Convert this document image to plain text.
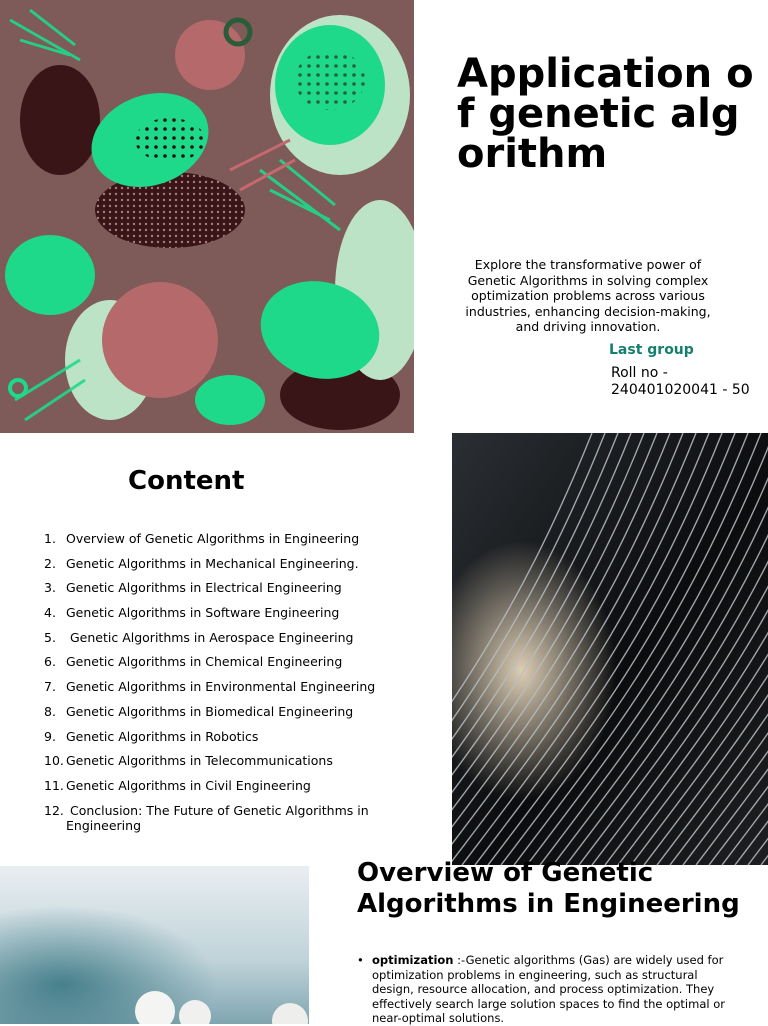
Application of genetic algorithm

Explore the transformative power of Genetic Algorithms in solving complex optimization problems across various industries, enhancing decision-making, and driving innovation.

Last group
Roll no - 240401020041 - 50
Content
1. Overview of Genetic Algorithms in Engineering
2. Genetic Algorithms in Mechanical Engineering.
3. Genetic Algorithms in Electrical Engineering
4. Genetic Algorithms in Software Engineering
5. Genetic Algorithms in Aerospace Engineering
6. Genetic Algorithms in Chemical Engineering
7. Genetic Algorithms in Environmental Engineering
8. Genetic Algorithms in Biomedical Engineering
9. Genetic Algorithms in Robotics
10. Genetic Algorithms in Telecommunications
11. Genetic Algorithms in Civil Engineering
12. Conclusion: The Future of Genetic Algorithms in Engineering
Overview of Genetic Algorithms in Engineering
• optimization :-Genetic algorithms (Gas) are widely used for optimization problems in engineering, such as structural design, resource allocation, and process optimization. They effectively search large solution spaces to find the optimal or near-optimal solutions.
